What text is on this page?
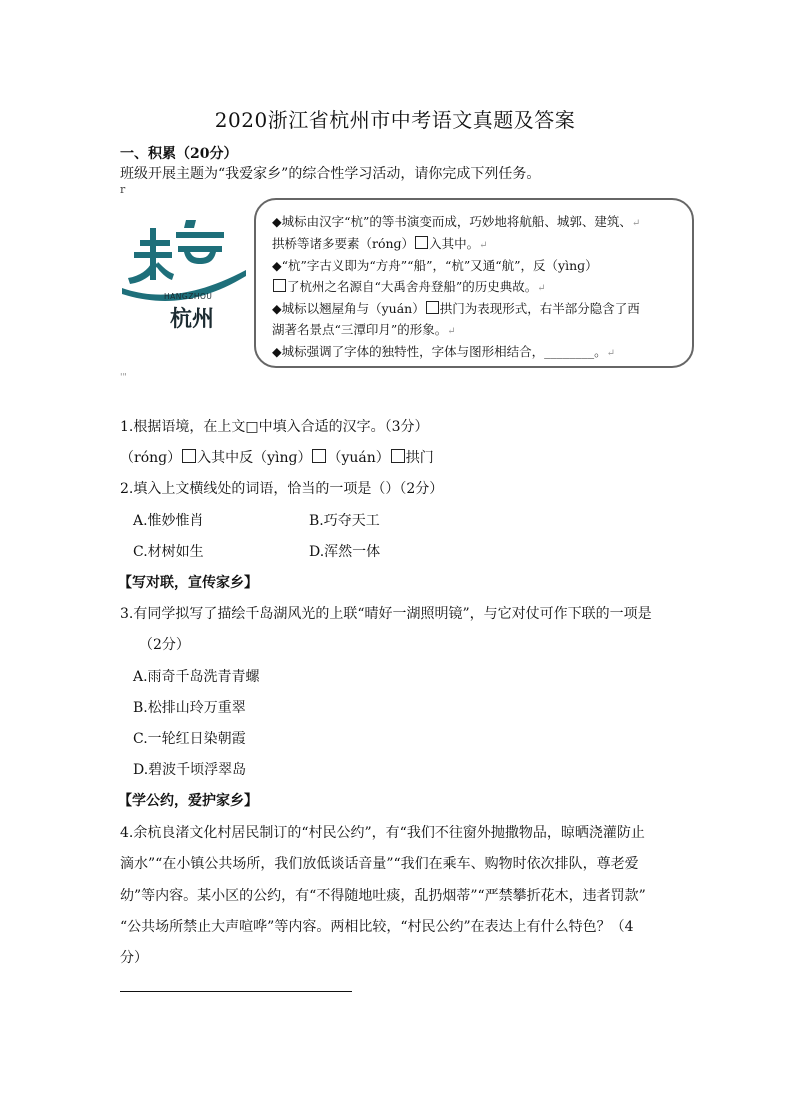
2020浙江省杭州市中考语文真题及答案
一、积累（20分）
班级开展主题为“我爱家乡”的综合性学习活动，请你完成下列任务。
r
HANGZHOU
杭州
◆城标由汉字“杭”的等书演变而成，巧妙地将航船、城郭、建筑、↵
拱桥等诸多要素（rónɡ） 入其中。↵
◆“杭”字古义即为“方舟”“船”，“杭”又通“航”，反（yìnɡ）
了杭州之名源自“大禹舍舟登船”的历史典故。↵
◆城标以翘屋角与（yuán） 拱门为表现形式，右半部分隐含了西
湖著名景点“三潭印月”的形象。↵
◆城标强调了字体的独特性，字体与图形相结合，________。↵
'"
1.根据语境，在上文□中填入合适的汉字。（3分）
（rónɡ） 入其中反（yìnɡ） （yuán） 拱门
2.填入上文横线处的词语，恰当的一项是（）（2分）
A.惟妙惟肖	B.巧夺天工
C.材树如生	D.浑然一体
【写对联，宣传家乡】
3.有同学拟写了描绘千岛湖风光的上联“晴好一湖照明镜”，与它对仗可作下联的一项是
（2分）
A.雨奇千岛洗青青螺
B.松排山玲万重翠
C.一轮红日染朝霞
D.碧波千顷浮翠岛
【学公约，爱护家乡】
4.余杭良渚文化村居民制订的“村民公约”，有“我们不往窗外抛撒物品，晾晒浇灌防止
滴水”“在小镇公共场所，我们放低谈话音量”“我们在乘车、购物时依次排队，尊老爱
幼”等内容。某小区的公约，有“不得随地吐痰，乱扔烟蒂”“严禁攀折花木，违者罚款”
“公共场所禁止大声喧哗”等内容。两相比较，“村民公约”在表达上有什么特色？（4
分）
